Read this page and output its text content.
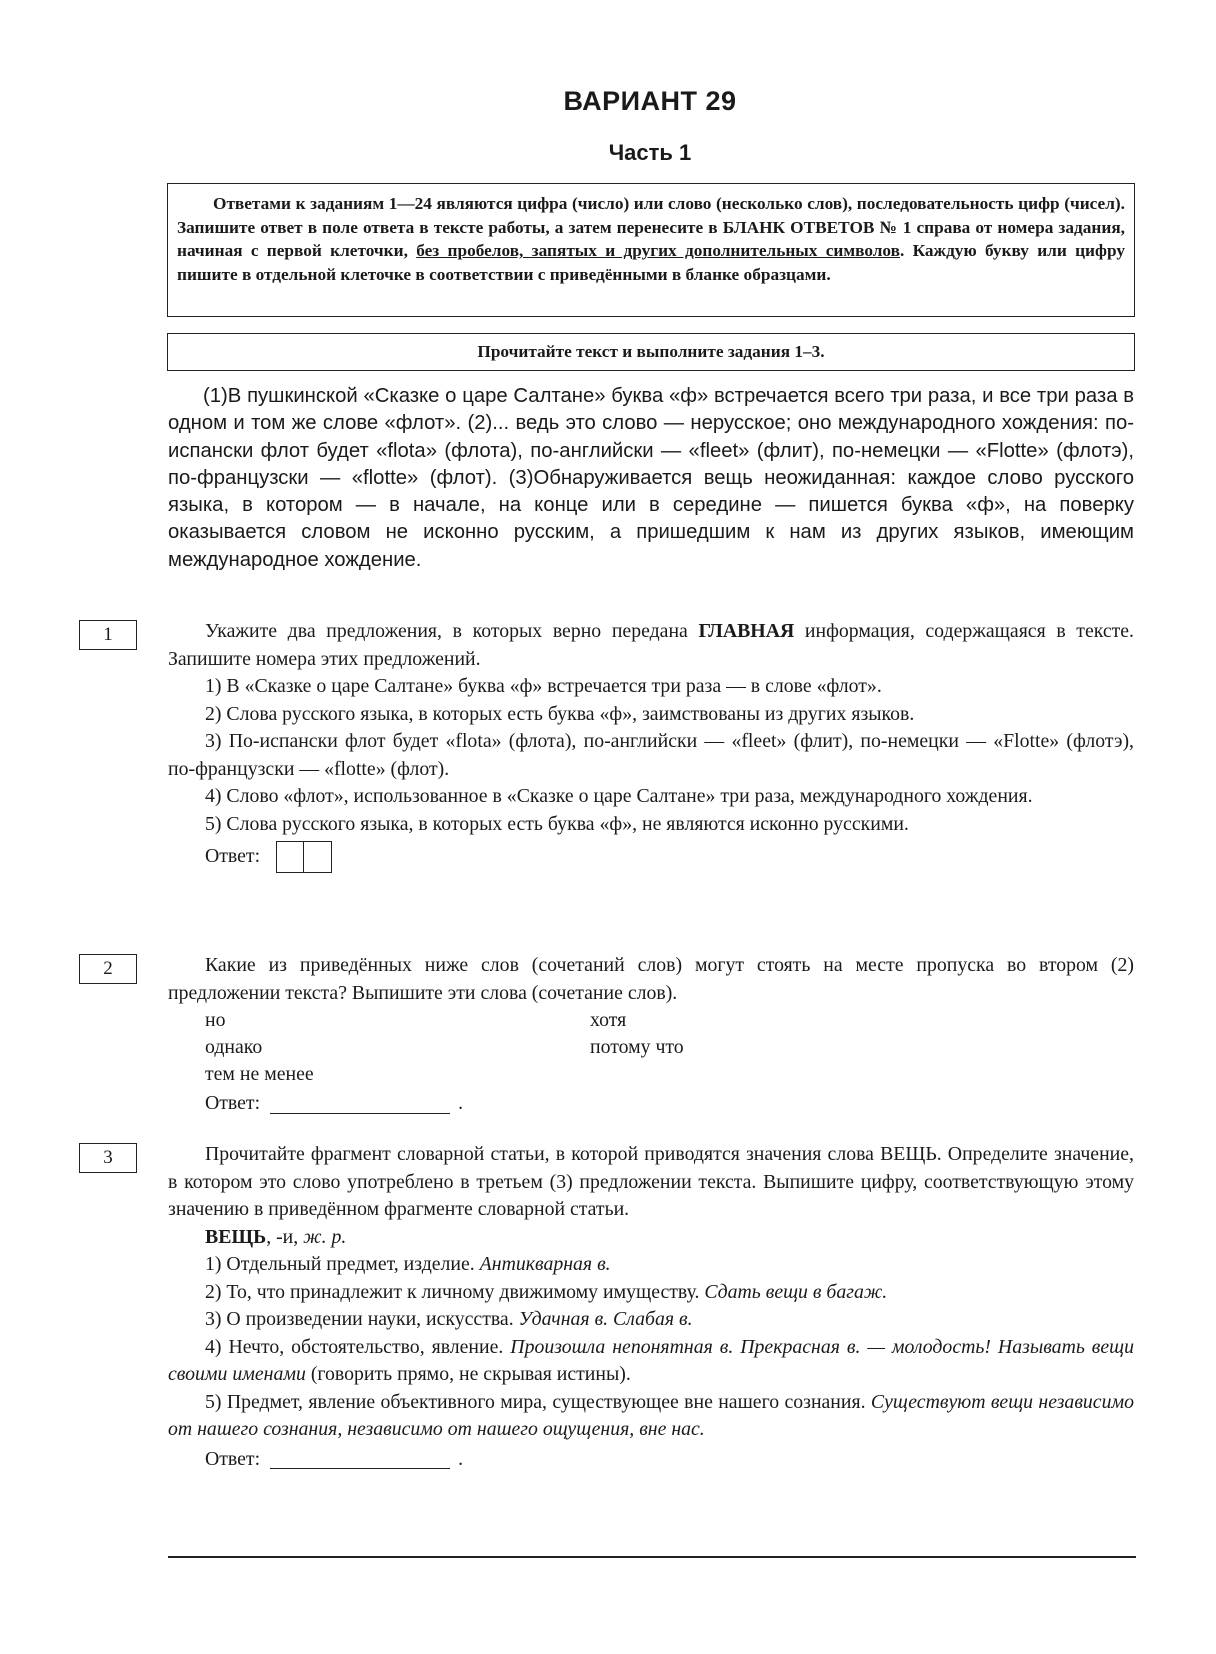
ВАРИАНТ 29
Часть 1

Ответами к заданиям 1—24 являются цифра (число) или слово (несколько слов), последовательность цифр (чисел). Запишите ответ в поле ответа в тексте работы, а затем перенесите в БЛАНК ОТВЕТОВ № 1 справа от номера задания, начиная с первой клеточки, без пробелов, запятых и других дополнительных символов. Каждую букву или цифру пишите в отдельной клеточке в соответствии с приведёнными в бланке образцами.

Прочитайте текст и выполните задания 1–3.

(1)В пушкинской «Сказке о царе Салтане» буква «ф» встречается всего три раза, и все три раза в одном и том же слове «флот». (2)... ведь это слово — нерусское; оно международного хождения: по-испански флот будет «flota» (флота), по-английски — «fleet» (флит), по-немецки — «Flotte» (флотэ), по-французски — «flotte» (флот). (3)Обнаруживается вещь неожиданная: каждое слово русского языка, в котором — в начале, на конце или в середине — пишется буква «ф», на поверку оказывается словом не исконно русским, а пришедшим к нам из других языков, имеющим международное хождение.

1	Укажите два предложения, в которых верно передана ГЛАВНАЯ информация, содержащаяся в тексте. Запишите номера этих предложений.

1) В «Сказке о царе Салтане» буква «ф» встречается три раза — в слове «флот».

2) Слова русского языка, в которых есть буква «ф», заимствованы из других языков.

3) По-испански флот будет «flota» (флота), по-английски — «fleet» (флит), по-немецки — «Flotte» (флотэ), по-французски — «flotte» (флот).

4) Слово «флот», использованное в «Сказке о царе Салтане» три раза, международного хождения.

5) Слова русского языка, в которых есть буква «ф», не являются исконно русскими.

Ответ:
2	Какие из приведённых ниже слов (сочетаний слов) могут стоять на месте пропуска во втором (2) предложении текста? Выпишите эти слова (сочетание слов).

но	хотя
однако	потому что
тем не менее
Ответ:	.
3	Прочитайте фрагмент словарной статьи, в которой приводятся значения слова ВЕЩЬ. Определите значение, в котором это слово употреблено в третьем (3) предложении текста. Выпишите цифру, соответствующую этому значению в приведённом фрагменте словарной статьи.

ВЕЩЬ, -и, ж. р.

1) Отдельный предмет, изделие. Антикварная в.

2) То, что принадлежит к личному движимому имуществу. Сдать вещи в багаж.

3) О произведении науки, искусства. Удачная в. Слабая в.

4) Нечто, обстоятельство, явление. Произошла непонятная в. Прекрасная в. — молодость! Называть вещи своими именами (говорить прямо, не скрывая истины).

5) Предмет, явление объективного мира, существующее вне нашего сознания. Существуют вещи независимо от нашего сознания, независимо от нашего ощущения, вне нас.

Ответ:	.
